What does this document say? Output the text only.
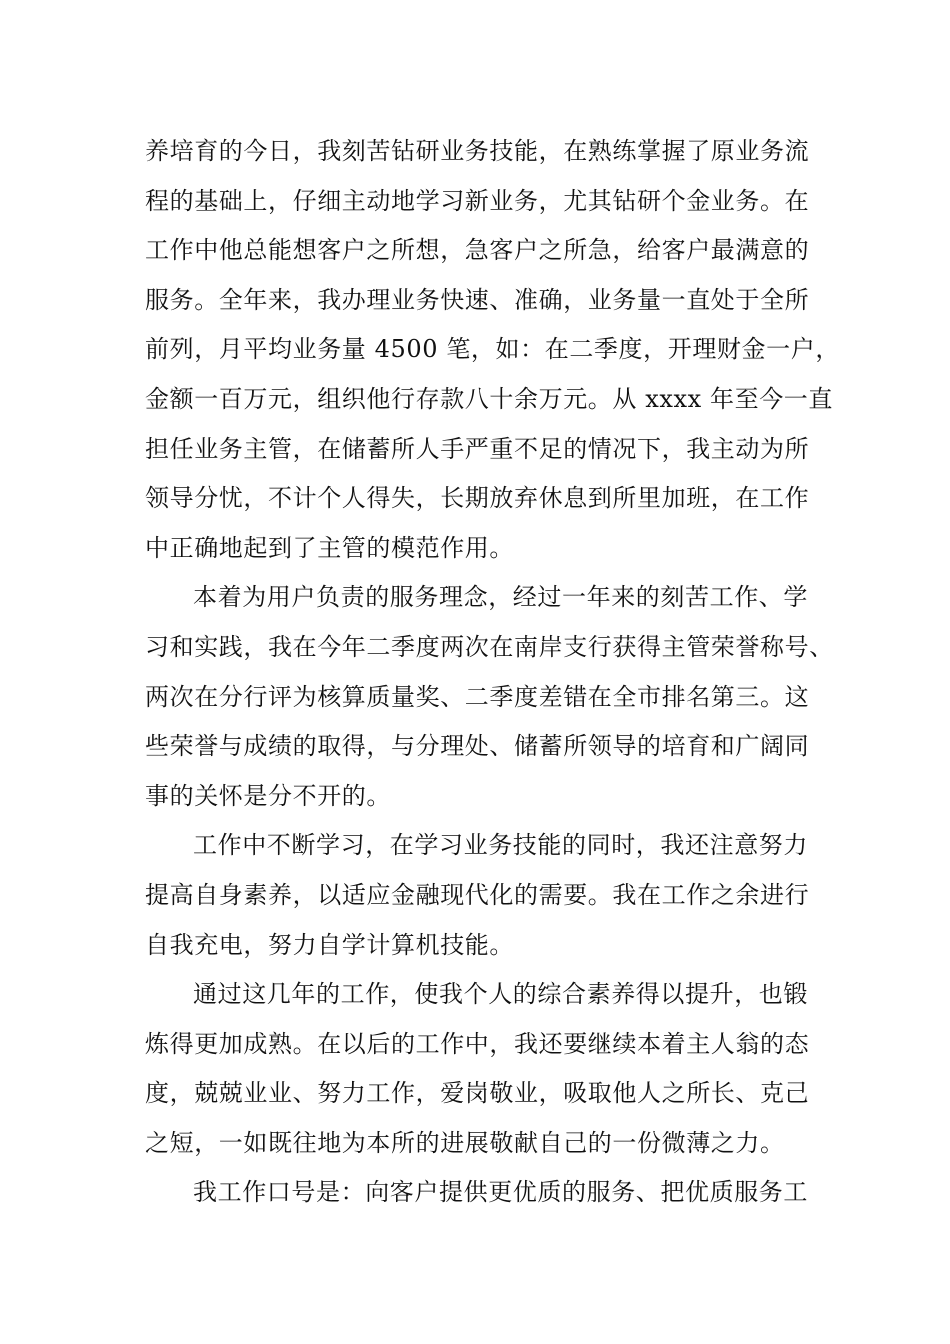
养培育的今日，我刻苦钻研业务技能，在熟练掌握了原业务流
程的基础上，仔细主动地学习新业务，尤其钻研个金业务。在
工作中他总能想客户之所想，急客户之所急，给客户最满意的
服务。全年来，我办理业务快速、准确，业务量一直处于全所
前列，月平均业务量 4500 笔，如：在二季度，开理财金一户，
金额一百万元，组织他行存款八十余万元。从 xxxx 年至今一直
担任业务主管，在储蓄所人手严重不足的情况下，我主动为所
领导分忧，不计个人得失，长期放弃休息到所里加班，在工作
中正确地起到了主管的模范作用。
本着为用户负责的服务理念，经过一年来的刻苦工作、学
习和实践，我在今年二季度两次在南岸支行获得主管荣誉称号、
两次在分行评为核算质量奖、二季度差错在全市排名第三。这
些荣誉与成绩的取得，与分理处、储蓄所领导的培育和广阔同
事的关怀是分不开的。
工作中不断学习，在学习业务技能的同时，我还注意努力
提高自身素养，以适应金融现代化的需要。我在工作之余进行
自我充电，努力自学计算机技能。
通过这几年的工作，使我个人的综合素养得以提升，也锻
炼得更加成熟。在以后的工作中，我还要继续本着主人翁的态
度，兢兢业业、努力工作，爱岗敬业，吸取他人之所长、克己
之短，一如既往地为本所的进展敬献自己的一份微薄之力。
我工作口号是：向客户提供更优质的服务、把优质服务工
